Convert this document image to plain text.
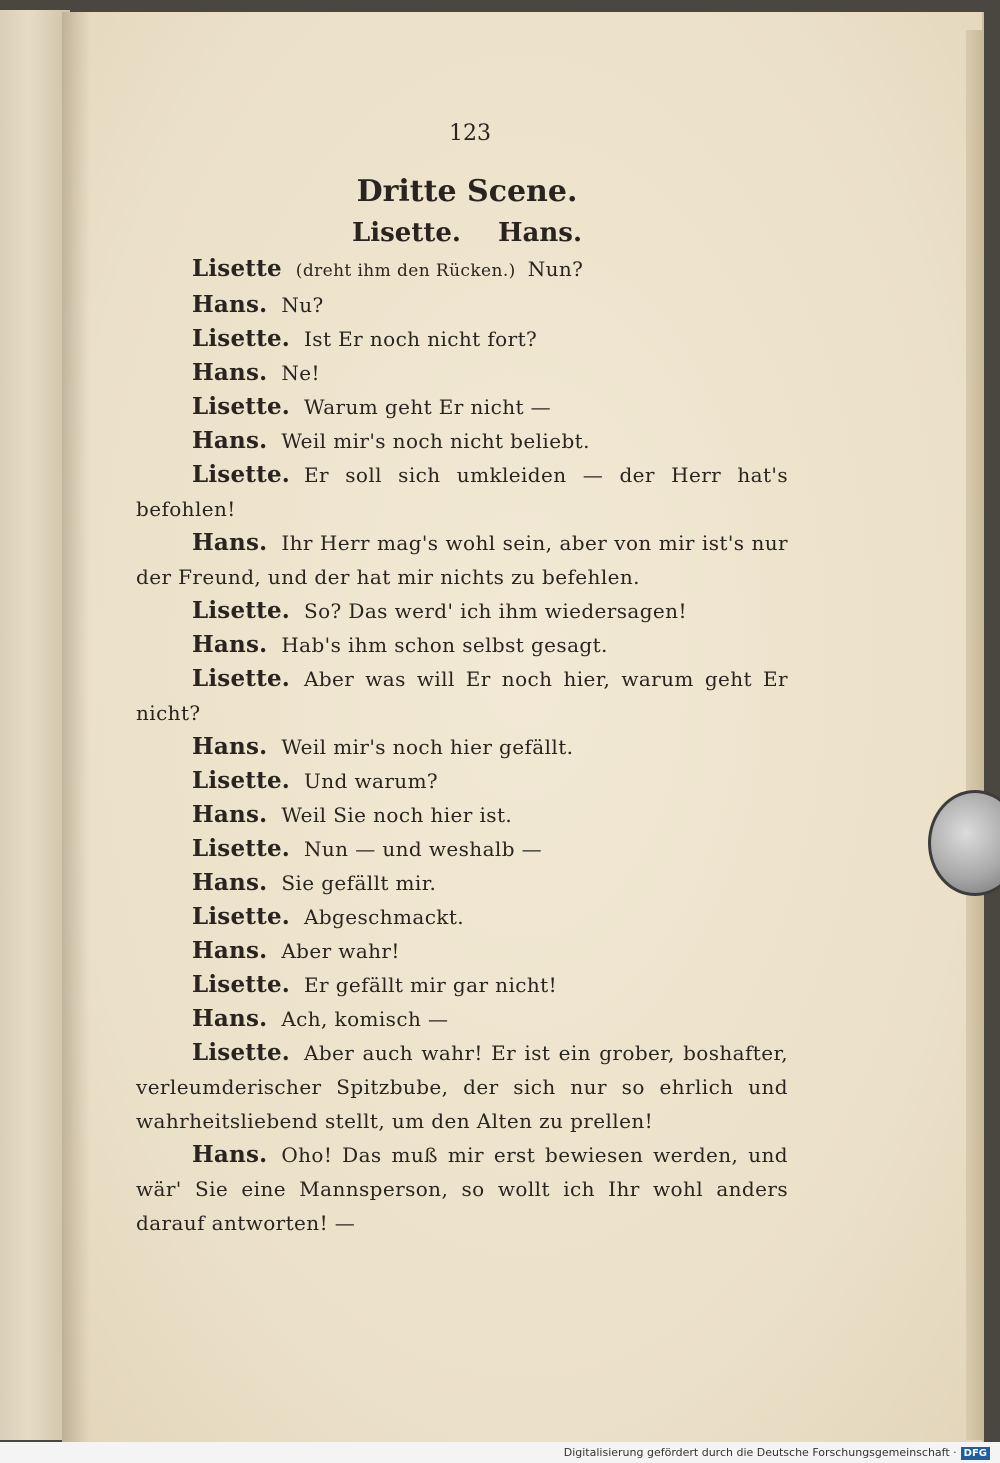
123
Dritte Scene.
Lisette. Hans.
Lisette (dreht ihm den Rücken.) Nun?
Hans. Nu?
Lisette. Ist Er noch nicht fort?
Hans. Ne!
Lisette. Warum geht Er nicht —
Hans. Weil mir's noch nicht beliebt.
Lisette. Er soll sich umkleiden — der Herr hat's befohlen!
Hans. Ihr Herr mag's wohl sein, aber von mir ist's nur der Freund, und der hat mir nichts zu befehlen.
Lisette. So? Das werd' ich ihm wiedersagen!
Hans. Hab's ihm schon selbst gesagt.
Lisette. Aber was will Er noch hier, warum geht Er nicht?
Hans. Weil mir's noch hier gefällt.
Lisette. Und warum?
Hans. Weil Sie noch hier ist.
Lisette. Nun — und weshalb —
Hans. Sie gefällt mir.
Lisette. Abgeschmackt.
Hans. Aber wahr!
Lisette. Er gefällt mir gar nicht!
Hans. Ach, komisch —
Lisette. Aber auch wahr! Er ist ein grober, boshafter, verleumderischer Spitzbube, der sich nur so ehrlich und wahrheitsliebend stellt, um den Alten zu prellen!
Hans. Oho! Das muß mir erst bewiesen werden, und wär' Sie eine Mannsperson, so wollt ich Ihr wohl anders darauf antworten! —
Digitalisierung gefördert durch die Deutsche Forschungsgemeinschaft · DFG
